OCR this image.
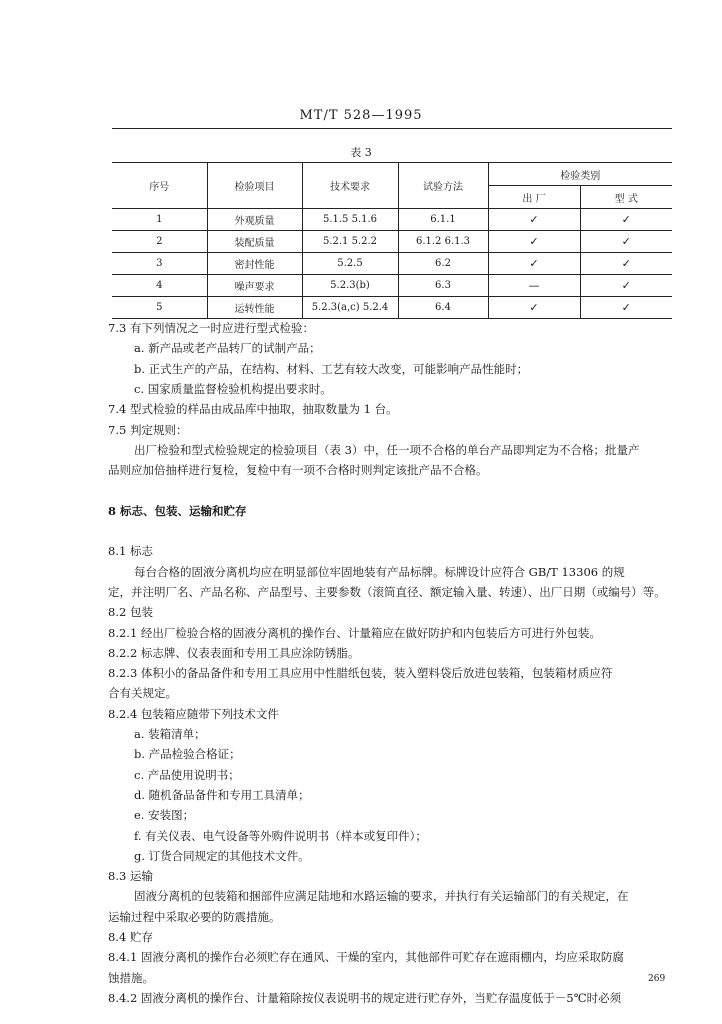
MT/T 528—1995
表 3
序号	检验项目	技术要求	试验方法	检验类别	
				出 厂	型 式
1	外观质量	5.1.5 5.1.6	6.1.1	✓	✓
2	装配质量	5.2.1 5.2.2	6.1.2 6.1.3	✓	✓
3	密封性能	5.2.5	6.2	✓	✓
4	噪声要求	5.2.3(b)	6.3	—	✓
5	运转性能	5.2.3(a,c) 5.2.4	6.4	✓	✓
7.3 有下列情况之一时应进行型式检验：
a. 新产品或老产品转厂的试制产品；
b. 正式生产的产品，在结构、材料、工艺有较大改变，可能影响产品性能时；
c. 国家质量监督检验机构提出要求时。
7.4 型式检验的样品由成品库中抽取，抽取数量为 1 台。
7.5 判定规则：
出厂检验和型式检验规定的检验项目（表 3）中，任一项不合格的单台产品即判定为不合格；批量产
品则应加倍抽样进行复检，复检中有一项不合格时则判定该批产品不合格。
8 标志、包装、运输和贮存
8.1 标志
每台合格的固液分离机均应在明显部位牢固地装有产品标牌。标牌设计应符合 GB/T 13306 的规
定，并注明厂名、产品名称、产品型号、主要参数（滚筒直径、额定输入量、转速）、出厂日期（或编号）等。
8.2 包装
8.2.1 经出厂检验合格的固液分离机的操作台、计量箱应在做好防护和内包装后方可进行外包装。
8.2.2 标志牌、仪表表面和专用工具应涂防锈脂。
8.2.3 体积小的备品备件和专用工具应用中性腊纸包装，装入塑料袋后放进包装箱，包装箱材质应符
合有关规定。
8.2.4 包装箱应随带下列技术文件
a. 装箱清单；
b. 产品检验合格证；
c. 产品使用说明书；
d. 随机备品备件和专用工具清单；
e. 安装图；
f. 有关仪表、电气设备等外购件说明书（样本或复印件）；
g. 订货合同规定的其他技术文件。
8.3 运输
固液分离机的包装箱和捆部件应满足陆地和水路运输的要求，并执行有关运输部门的有关规定，在
运输过程中采取必要的防震措施。
8.4 贮存
8.4.1 固液分离机的操作台必须贮存在通风、干燥的室内，其他部件可贮存在遮雨棚内，均应采取防腐
蚀措施。
8.4.2 固液分离机的操作台、计量箱除按仪表说明书的规定进行贮存外，当贮存温度低于－5℃时必须
269
